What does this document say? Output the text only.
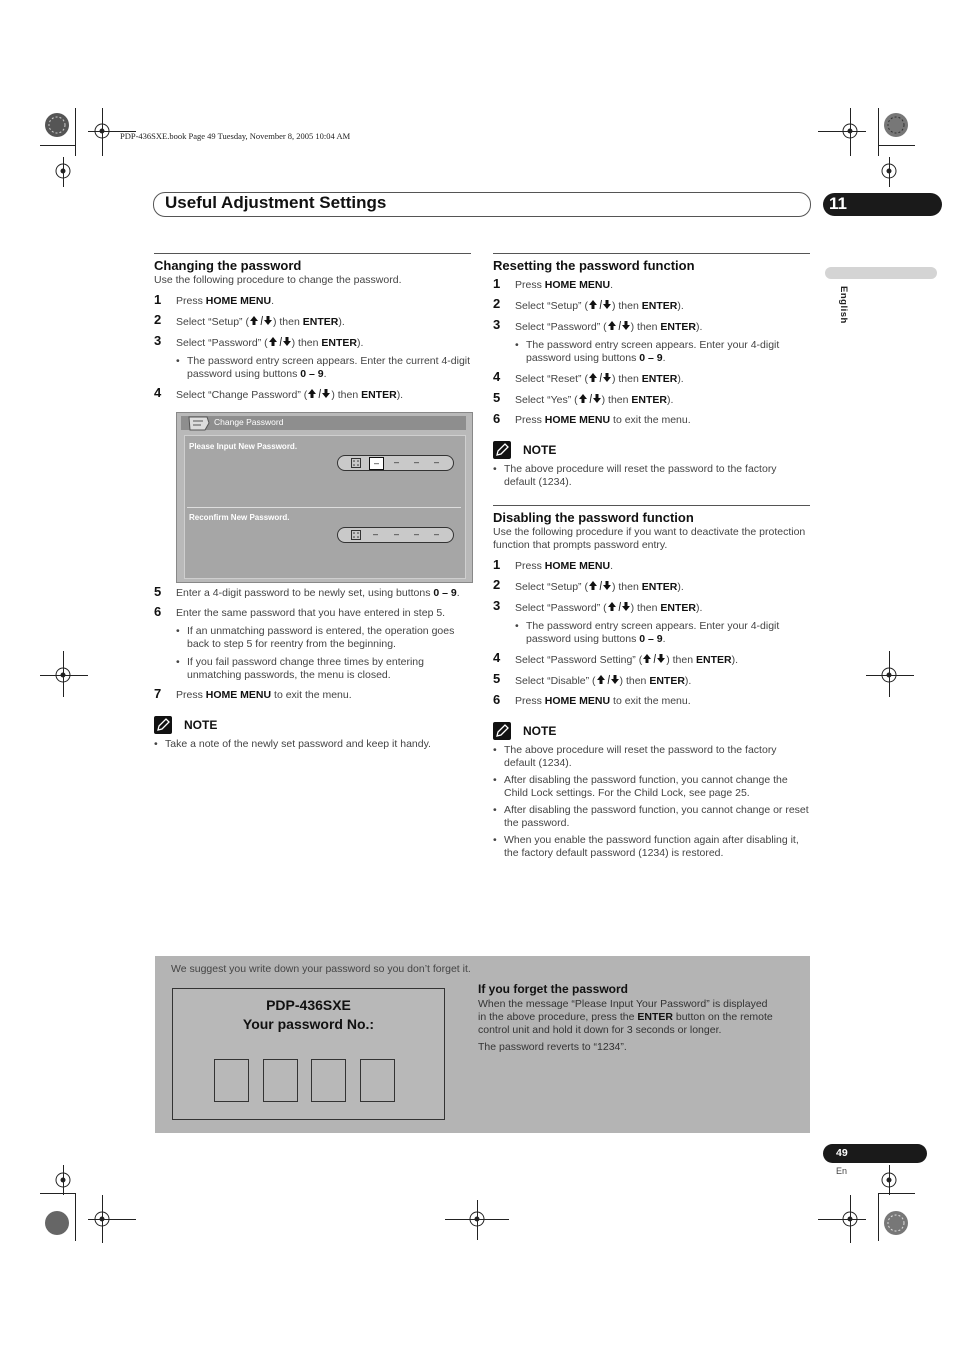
PDP-436SXE.book Page 49 Tuesday, November 8, 2005 10:04 AM
Useful Adjustment Settings	11
English
Changing the password
Use the following procedure to change the password.
1 Press HOME MENU.
2 Select “Setup” ( ) then ENTER).
3 Select “Password” ( ) then ENTER).
• The password entry screen appears. Enter the current 4-digit password using buttons 0 – 9.
4 Select “Change Password” ( ) then ENTER).
Change Password
Please Input New Password.
–	–	–	–
Reconfirm New Password.
–	–	–	–
5 Enter a 4-digit password to be newly set, using buttons 0 – 9.
6 Enter the same password that you have entered in step 5.
• If an unmatching password is entered, the operation goes back to step 5 for reentry from the beginning.
• If you fail password change three times by entering unmatching passwords, the menu is closed.
7 Press HOME MENU to exit the menu.
NOTE
• Take a note of the newly set password and keep it handy.
Resetting the password function
1 Press HOME MENU.
2 Select “Setup” ( ) then ENTER).
3 Select “Password” ( ) then ENTER).
• The password entry screen appears. Enter your 4-digit password using buttons 0 – 9.
4 Select “Reset” ( ) then ENTER).
5 Select “Yes” ( ) then ENTER).
6 Press HOME MENU to exit the menu.
NOTE
• The above procedure will reset the password to the factory default (1234).
Disabling the password function
Use the following procedure if you want to deactivate the protection function that prompts password entry.
1 Press HOME MENU.
2 Select “Setup” ( ) then ENTER).
3 Select “Password” ( ) then ENTER).
• The password entry screen appears. Enter your 4-digit password using buttons 0 – 9.
4 Select “Password Setting” ( ) then ENTER).
5 Select “Disable” ( ) then ENTER).
6 Press HOME MENU to exit the menu.
NOTE
• The above procedure will reset the password to the factory default (1234).
• After disabling the password function, you cannot change the Child Lock settings. For the Child Lock, see page 25.
• After disabling the password function, you cannot change or reset the password.
• When you enable the password function again after disabling it, the factory default password (1234) is restored.
We suggest you write down your password so you don’t forget it.
PDP-436SXE
Your password No.:
If you forget the password
When the message “Please Input Your Password” is displayed in the above procedure, press the ENTER button on the remote control unit and hold it down for 3 seconds or longer.
The password reverts to “1234”.
49
En
